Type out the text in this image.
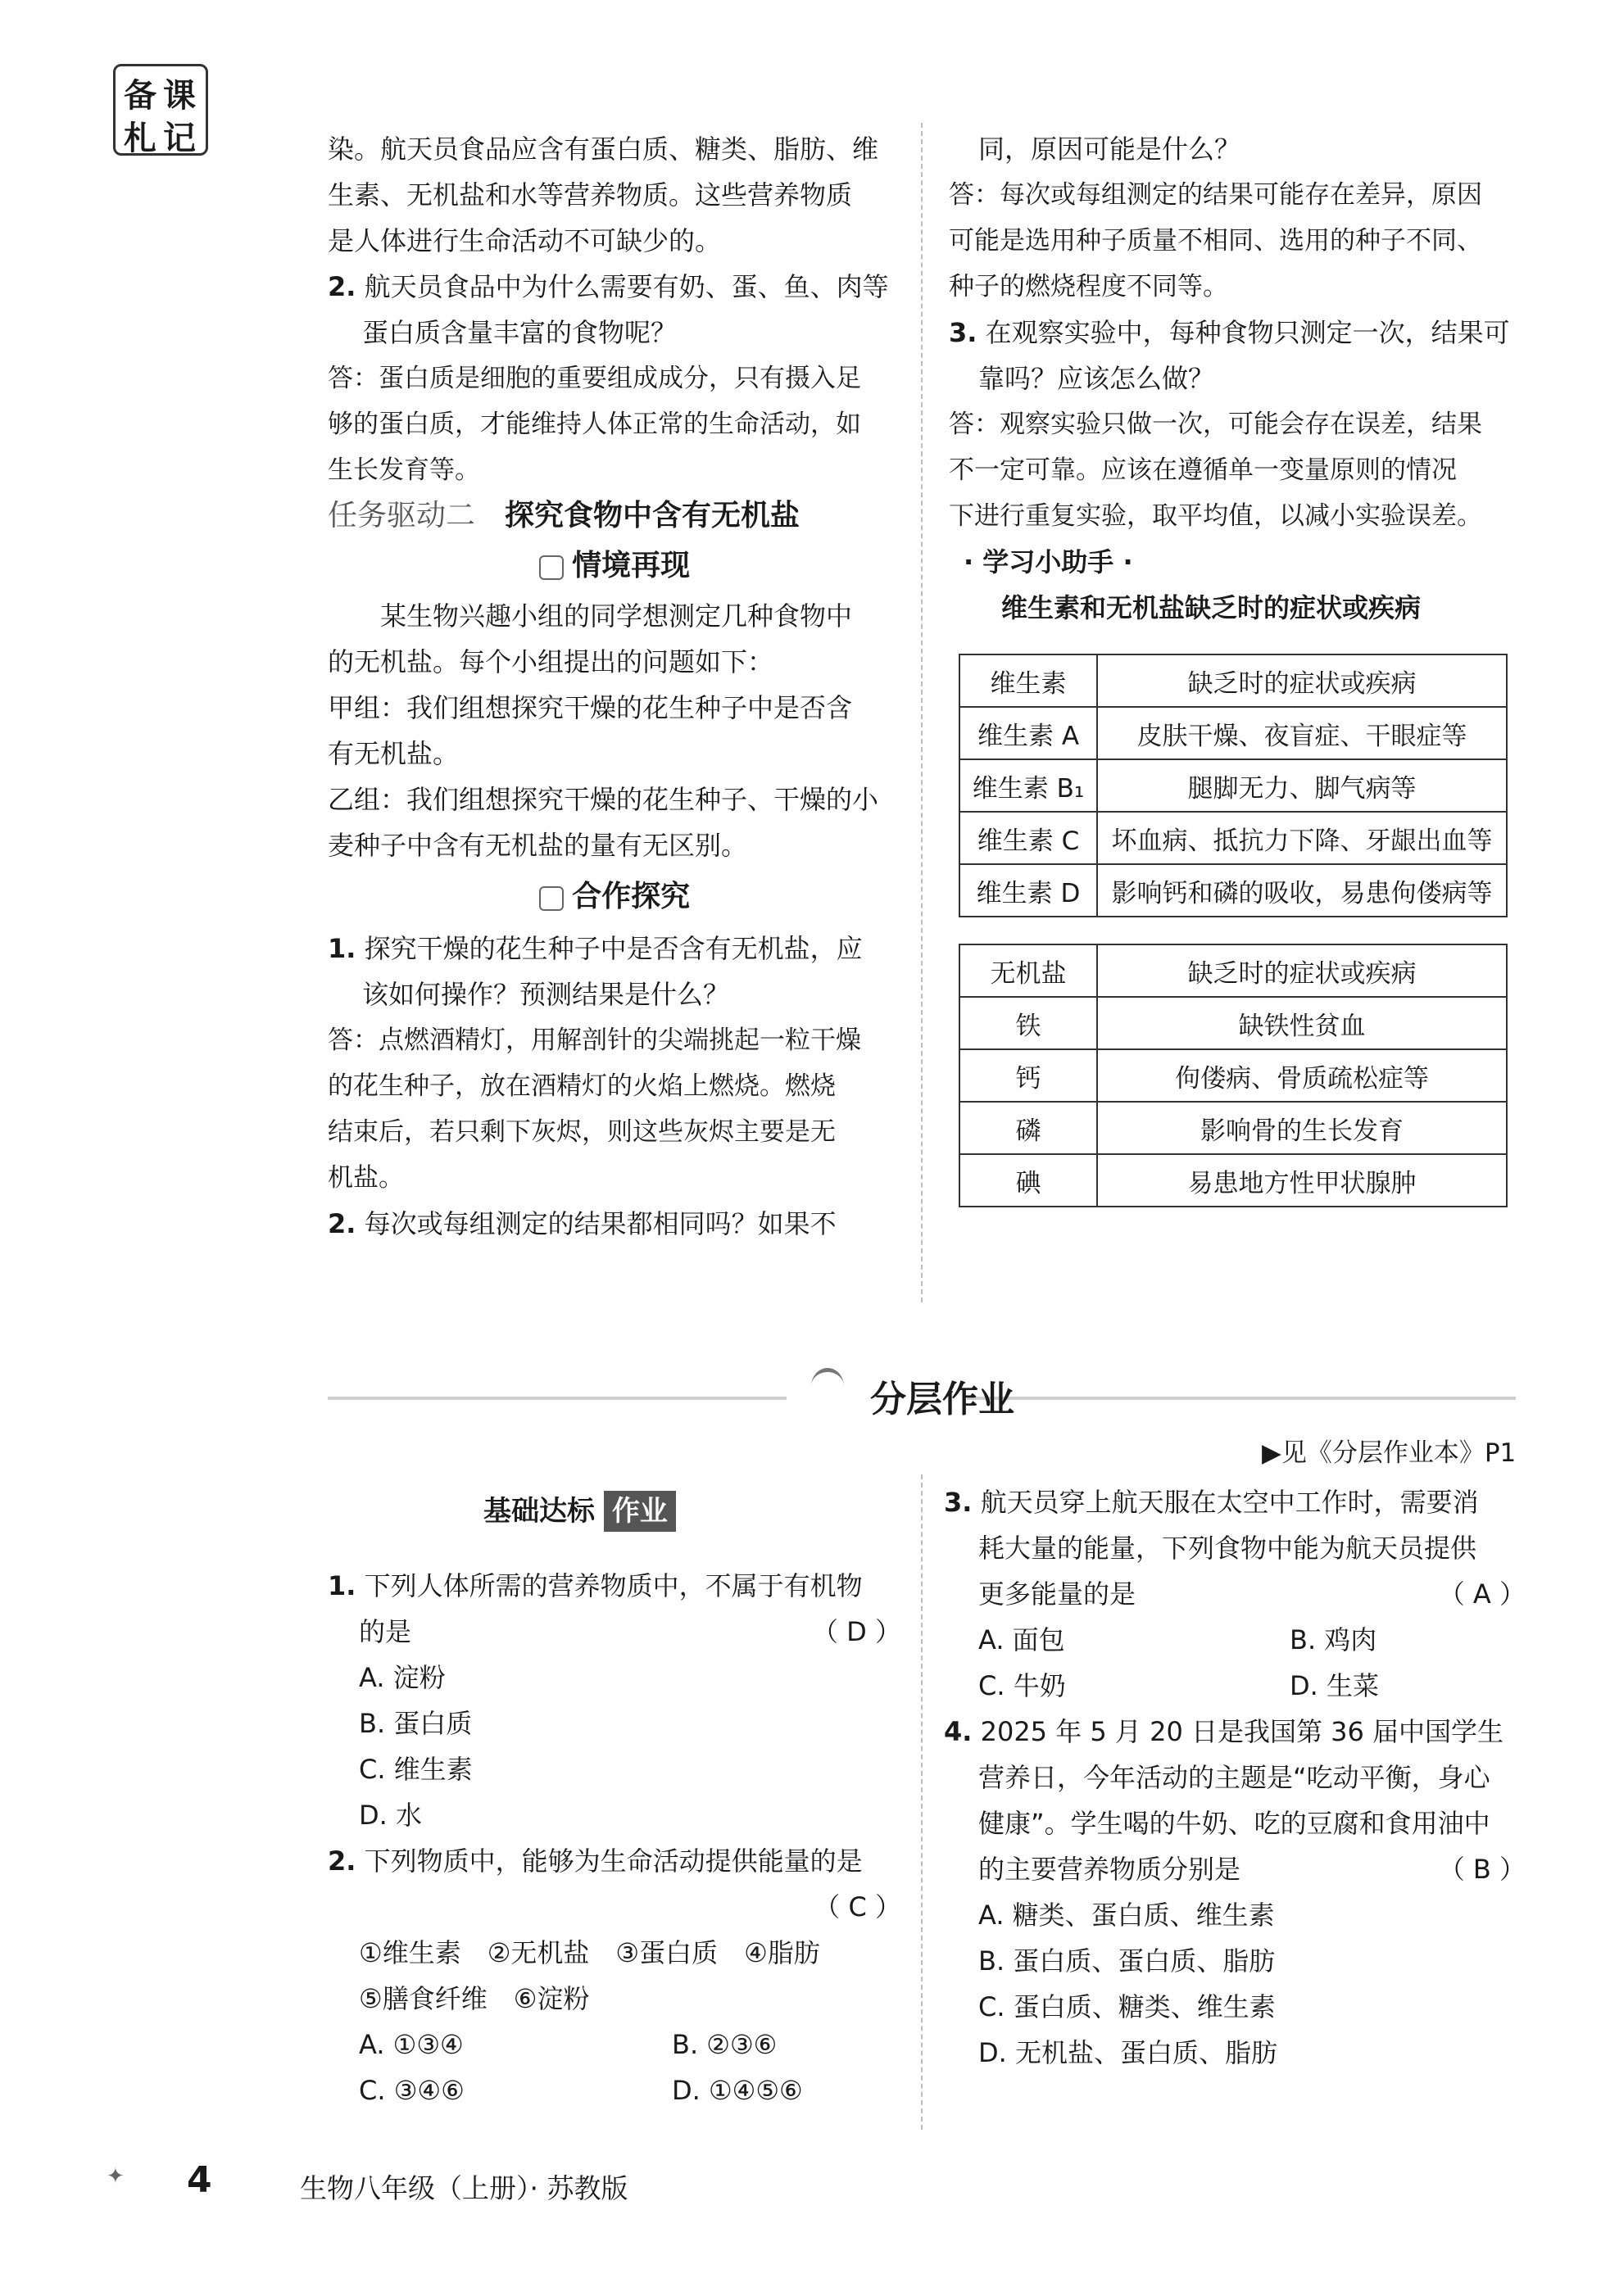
备 课
札 记	染。航天员食品应含有蛋白质、糖类、脂肪、维
生素、无机盐和水等营养物质。这些营养物质
是人体进行生命活动不可缺少的。
2. 航天员食品中为什么需要有奶、蛋、鱼、肉等
蛋白质含量丰富的食物呢？
答：蛋白质是细胞的重要组成成分，只有摄入足
够的蛋白质，才能维持人体正常的生命活动，如
生长发育等。
任务驱动二　 探究食物中含有无机盐
情境再现
某生物兴趣小组的同学想测定几种食物中
的无机盐。每个小组提出的问题如下：
甲组：我们组想探究干燥的花生种子中是否含
有无机盐。
乙组：我们组想探究干燥的花生种子、干燥的小
麦种子中含有无机盐的量有无区别。
合作探究
1. 探究干燥的花生种子中是否含有无机盐，应
该如何操作？预测结果是什么？
答：点燃酒精灯，用解剖针的尖端挑起一粒干燥
的花生种子，放在酒精灯的火焰上燃烧。燃烧
结束后，若只剩下灰烬，则这些灰烬主要是无
机盐。
2. 每次或每组测定的结果都相同吗？如果不
同，原因可能是什么？
答：每次或每组测定的结果可能存在差异，原因
可能是选用种子质量不相同、选用的种子不同、
种子的燃烧程度不同等。
3. 在观察实验中，每种食物只测定一次，结果可
靠吗？应该怎么做？
答：观察实验只做一次，可能会存在误差，结果
不一定可靠。应该在遵循单一变量原则的情况
下进行重复实验，取平均值，以减小实验误差。
· 学习小助手 ·
维生素和无机盐缺乏时的症状或疾病
维生素	缺乏时的症状或疾病
维生素 A	皮肤干燥、夜盲症、干眼症等
维生素 B₁	腿脚无力、脚气病等
维生素 C	坏血病、抵抗力下降、牙龈出血等
维生素 D	影响钙和磷的吸收，易患佝偻病等
无机盐	缺乏时的症状或疾病
铁	缺铁性贫血
钙	佝偻病、骨质疏松症等
磷	影响骨的生长发育
碘	易患地方性甲状腺肿
分层作业
▶见《分层作业本》P1
基础达标 作业
1. 下列人体所需的营养物质中，不属于有机物
的是	（ D ）
A. 淀粉
B. 蛋白质
C. 维生素
D. 水
2. 下列物质中，能够为生命活动提供能量的是
（ C ）
①维生素　②无机盐　③蛋白质　④脂肪
⑤膳食纤维　⑥淀粉
A. ①③④	B. ②③⑥
C. ③④⑥	D. ①④⑤⑥
3. 航天员穿上航天服在太空中工作时，需要消
耗大量的能量，下列食物中能为航天员提供
更多能量的是	（ A ）
A. 面包	B. 鸡肉
C. 牛奶	D. 生菜
4. 2025 年 5 月 20 日是我国第 36 届中国学生
营养日，今年活动的主题是“吃动平衡，身心
健康”。学生喝的牛奶、吃的豆腐和食用油中
的主要营养物质分别是	（ B ）
A. 糖类、蛋白质、维生素
B. 蛋白质、蛋白质、脂肪
C. 蛋白质、糖类、维生素
D. 无机盐、蛋白质、脂肪
✦ 4	生物八年级（上册）· 苏教版
